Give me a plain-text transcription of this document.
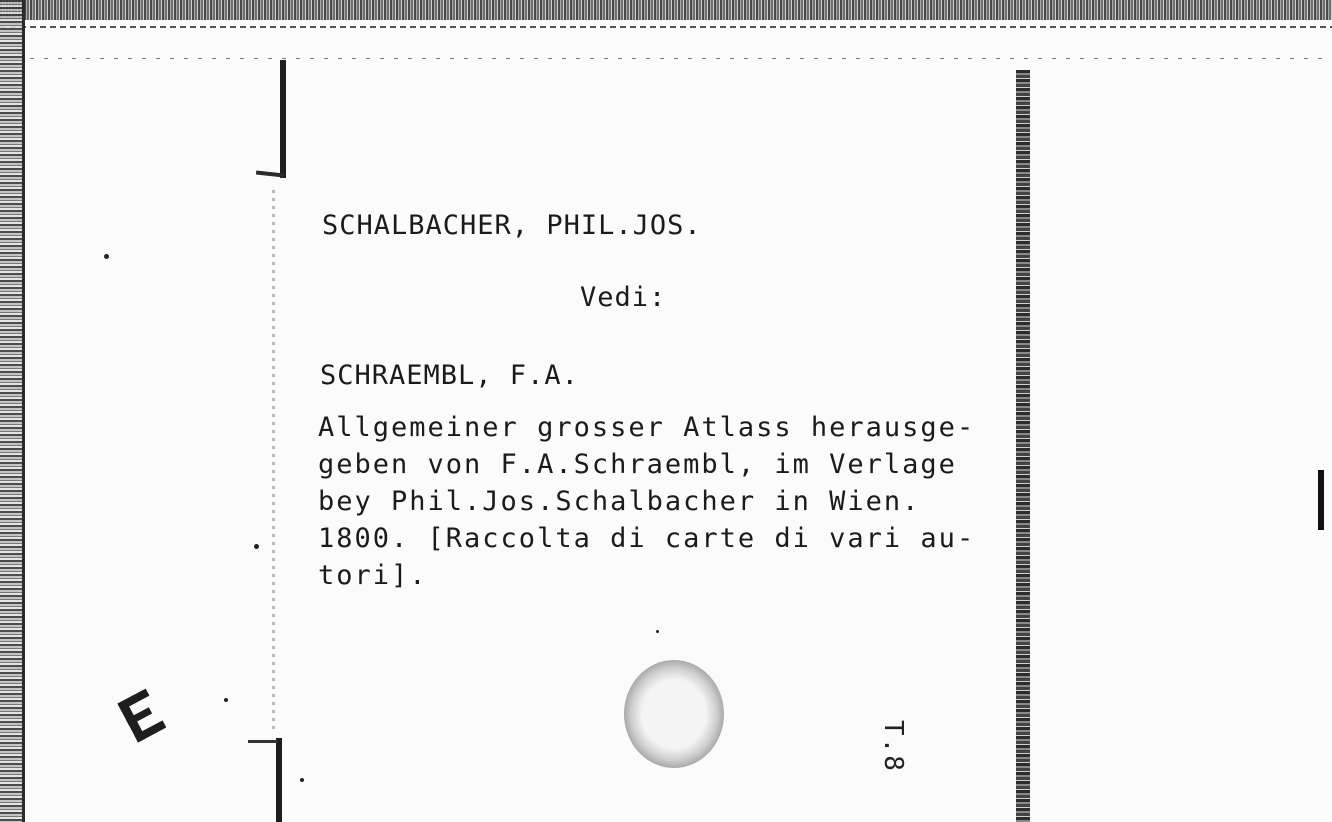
SCHALBACHER, PHIL.JOS.
Vedi:
SCHRAEMBL, F.A.
Allgemeiner grosser Atlass herausge-
geben von F.A.Schraembl, im Verlage
bey Phil.Jos.Schalbacher in Wien.
1800. [Raccolta di carte di vari au-
tori].
T.8
